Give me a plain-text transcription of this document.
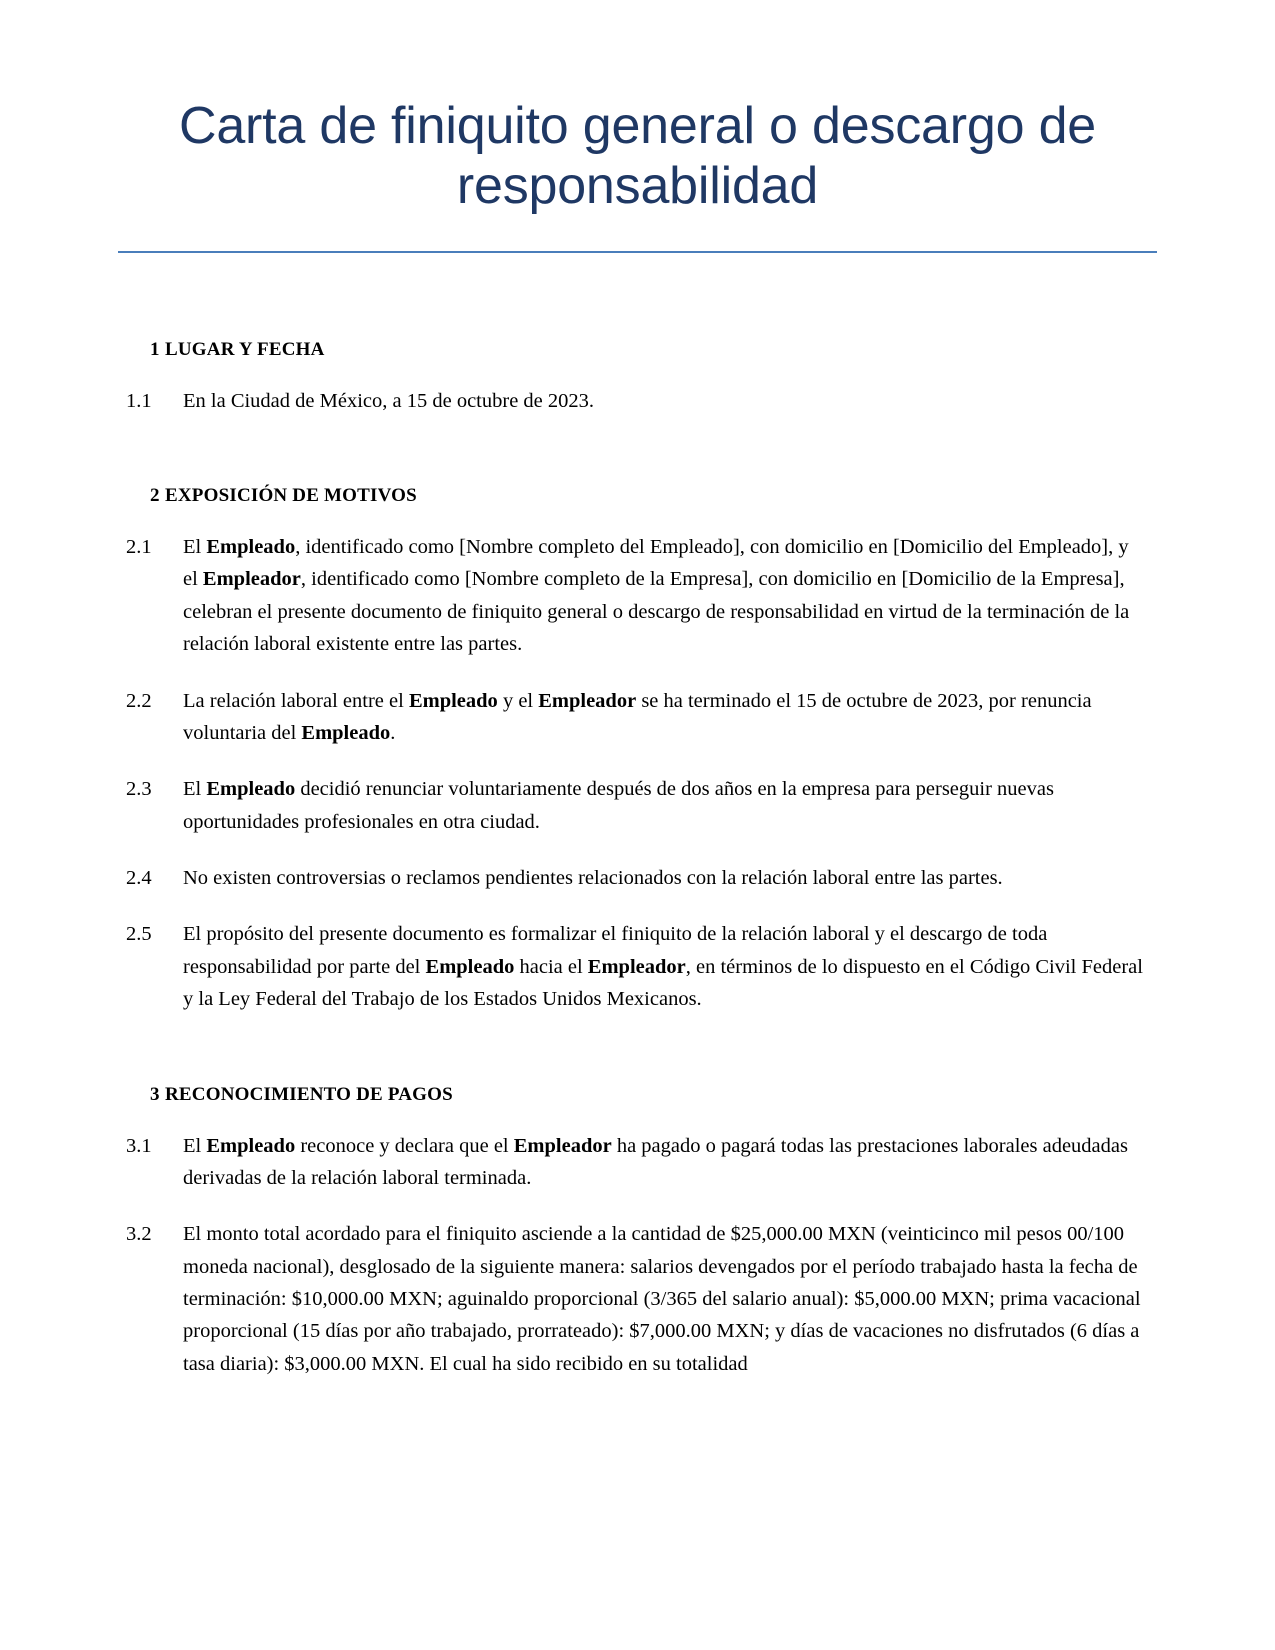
Carta de finiquito general o descargo de responsabilidad
1 LUGAR Y FECHA
1.1	En la Ciudad de México, a 15 de octubre de 2023.
2 EXPOSICIÓN DE MOTIVOS
2.1	El Empleado, identificado como [Nombre completo del Empleado], con domicilio en [Domicilio del Empleado], y el Empleador, identificado como [Nombre completo de la Empresa], con domicilio en [Domicilio de la Empresa], celebran el presente documento de finiquito general o descargo de responsabilidad en virtud de la terminación de la relación laboral existente entre las partes.
2.2	La relación laboral entre el Empleado y el Empleador se ha terminado el 15 de octubre de 2023, por renuncia voluntaria del Empleado.
2.3	El Empleado decidió renunciar voluntariamente después de dos años en la empresa para perseguir nuevas oportunidades profesionales en otra ciudad.
2.4	No existen controversias o reclamos pendientes relacionados con la relación laboral entre las partes.
2.5	El propósito del presente documento es formalizar el finiquito de la relación laboral y el descargo de toda responsabilidad por parte del Empleado hacia el Empleador, en términos de lo dispuesto en el Código Civil Federal y la Ley Federal del Trabajo de los Estados Unidos Mexicanos.
3 RECONOCIMIENTO DE PAGOS
3.1	El Empleado reconoce y declara que el Empleador ha pagado o pagará todas las prestaciones laborales adeudadas derivadas de la relación laboral terminada.
3.2	El monto total acordado para el finiquito asciende a la cantidad de $25,000.00 MXN (veinticinco mil pesos 00/100 moneda nacional), desglosado de la siguiente manera: salarios devengados por el período trabajado hasta la fecha de terminación: $10,000.00 MXN; aguinaldo proporcional (3/365 del salario anual): $5,000.00 MXN; prima vacacional proporcional (15 días por año trabajado, prorrateado): $7,000.00 MXN; y días de vacaciones no disfrutados (6 días a tasa diaria): $3,000.00 MXN. El cual ha sido recibido en su totalidad
